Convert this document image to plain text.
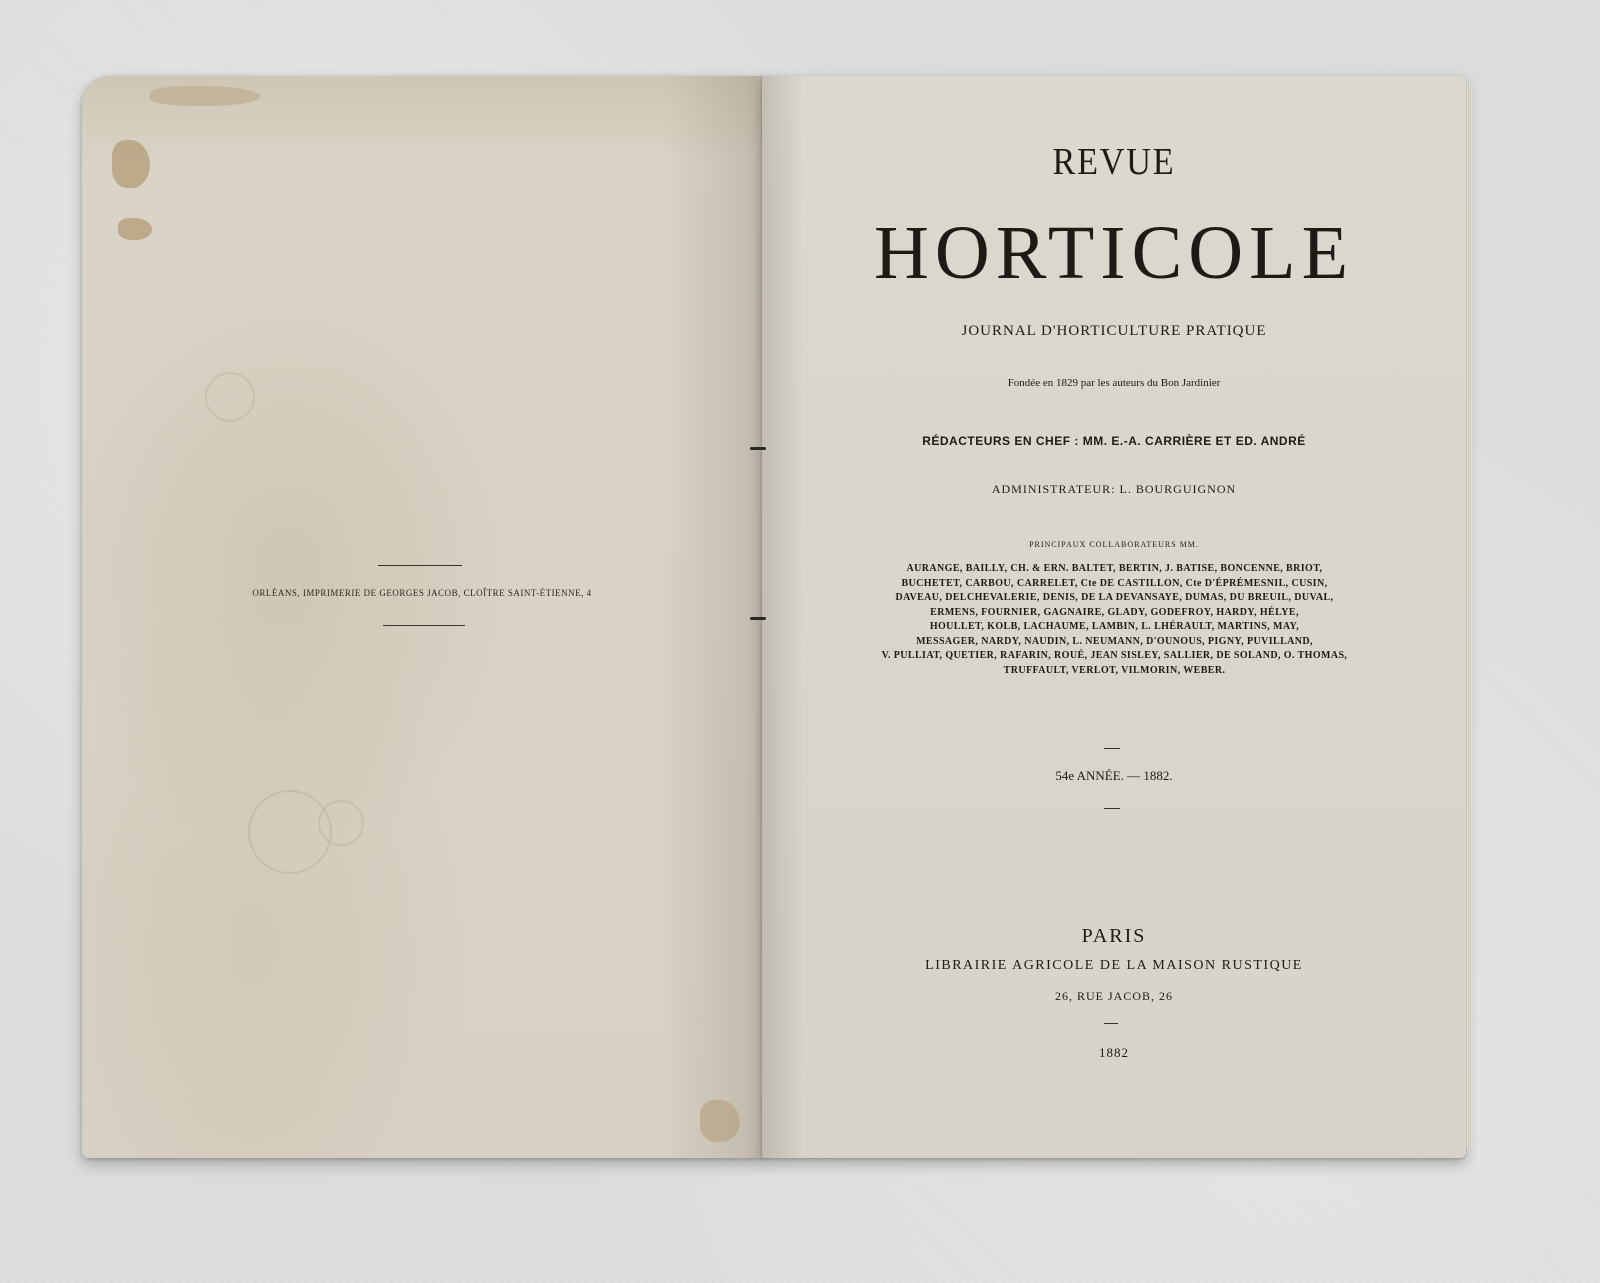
ORLÉANS, IMPRIMERIE DE GEORGES JACOB, CLOÎTRE SAINT-ÉTIENNE, 4
REVUE
HORTICOLE
JOURNAL D'HORTICULTURE PRATIQUE
Fondée en 1829 par les auteurs du Bon Jardinier
RÉDACTEURS EN CHEF : MM. E.-A. CARRIÈRE ET ED. ANDRÉ
ADMINISTRATEUR: L. BOURGUIGNON
PRINCIPAUX COLLABORATEURS MM.
AURANGE, BAILLY, CH. & ERN. BALTET, BERTIN, J. BATISE, BONCENNE, BRIOT,
BUCHETET, CARBOU, CARRELET, Cte DE CASTILLON, Cte D'ÉPRÉMESNIL, CUSIN,
DAVEAU, DELCHEVALERIE, DENIS, DE LA DEVANSAYE, DUMAS, DU BREUIL, DUVAL,
ERMENS, FOURNIER, GAGNAIRE, GLADY, GODEFROY, HARDY, HÉLYE,
HOULLET, KOLB, LACHAUME, LAMBIN, L. LHÉRAULT, MARTINS, MAY,
MESSAGER, NARDY, NAUDIN, L. NEUMANN, D'OUNOUS, PIGNY, PUVILLAND,
V. PULLIAT, QUETIER, RAFARIN, ROUÉ, JEAN SISLEY, SALLIER, DE SOLAND, O. THOMAS,
TRUFFAULT, VERLOT, VILMORIN, WEBER.
54e ANNÉE. — 1882.
PARIS
LIBRAIRIE AGRICOLE DE LA MAISON RUSTIQUE
26, RUE JACOB, 26
1882
